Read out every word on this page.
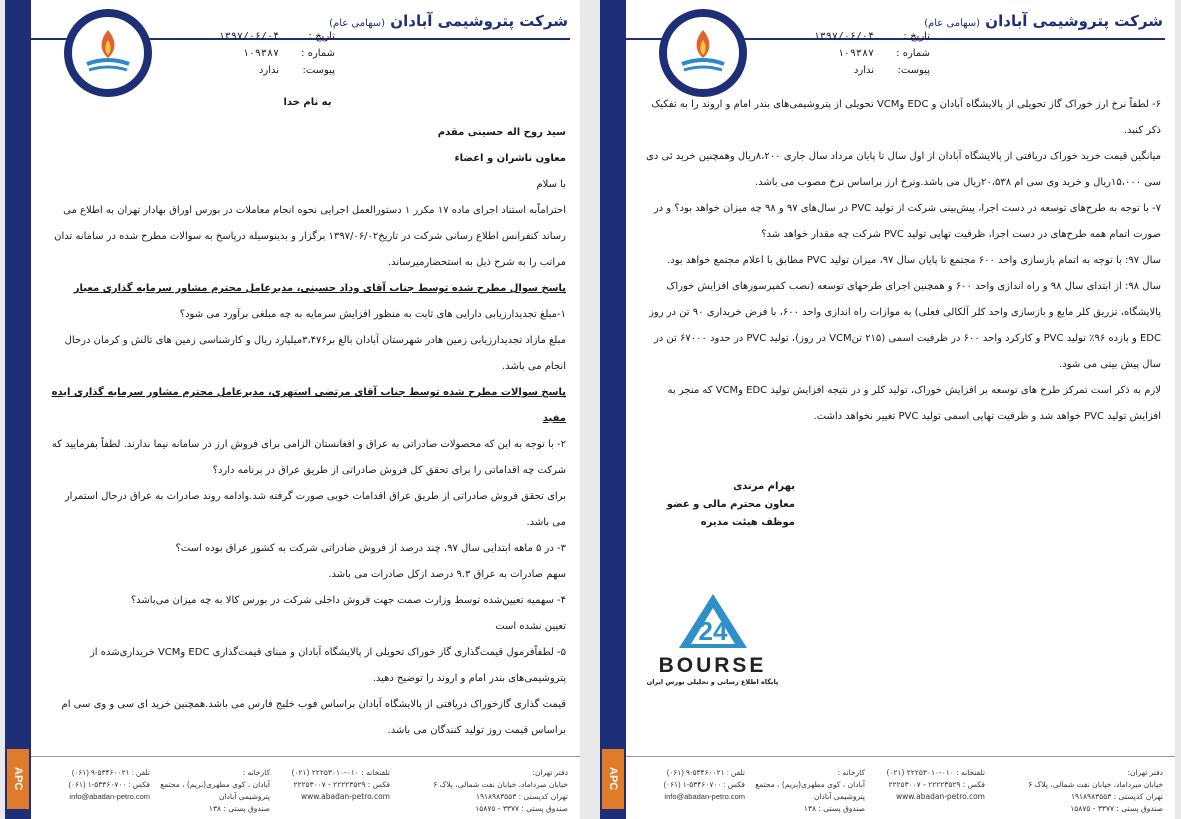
APC
شرکت پتروشیمی آبادان (سهامی عام)
تاریخ :
۱۳۹۷/۰۶/۰۴
شماره :
۱۰۹۳۸۷
پیوست:
ندارد

به نام خدا

سید روح اله حسینی مقدم

معاون ناشران و اعضاء

با سلام

احتراماًبه استناد اجرای ماده ۱۷ مکرر ۱ دستورالعمل اجرایی نحوه انجام معاملات در بورس اوراق بهادار تهران به اطلاع می رساند کنفرانس اطلاع رسانی شرکت در تاریخ۱۳۹۷/۰۶/۰۲ برگزار و بدینوسیله درپاسخ به سوالات مطرح شده در سامانه تدان مراتب را به شرح ذیل به استحضارمیرساند.

پاسخ سوال مطرح شده توسط جناب آقای وداد حسینی، مدیرعامل محترم مشاور سرمایه گذاری معیار

۱-مبلغ تجدیدارزیابی دارایی های ثابت به منظور افزایش سرمایه به چه مبلغی برآورد می شود؟

مبلغ مازاد تجدیدارزیابی زمین هادر شهرستان آبادان بالغ بر۳،۴۷۶میلیارد ریال و کارشناسی زمین های تالش و کرمان درحال انجام می باشد.

پاسخ سوالات مطرح شده توسط جناب آقای مرتضی استهری، مدیرعامل محترم مشاور سرمایه گذاری ایده مفید

۲- با توجه به این که محصولات صادراتی به عراق و افغانستان الزامی برای فروش ارز در سامانه نیما ندارند. لطفاً بفرمایید که شرکت چه اقداماتی را برای تحقق کل فروش صادراتی از طریق عراق در برنامه دارد؟

برای تحقق فروش صادراتی از طریق عراق اقدامات خوبی صورت گرفته شد.وادامه روند صادرات به عراق درحال استمرار می باشد.

۳- در ۵ ماهه ابتدایی سال ۹۷، چند درصد از فروش صادراتی شرکت به کشور عراق بوده است؟

سهم صادرات به عراق ۹.۳ درصد ازکل صادرات می باشد.

۴- سهمیه تعیین‌شده توسط وزارت صمت جهت فروش داخلی شرکت در بورس کالا به چه میزان می‌باشد؟

تعیین نشده است

۵- لطفاًفرمول قیمت‌گذاری گاز خوراک تحویلی از پالایشگاه آبادان و مبنای قیمت‌گذاری EDC وVCM خریداری‌شده از پتروشیمی‌های بندر امام و اروند را توضیح دهید.

قیمت گذاری گازخوراک دریافتی از پالایشگاه آبادان براساس فوب خلیج فارس می باشد.همچنین خرید ای سی و وی سی ام براساس قیمت روز تولید کنندگان می باشد.

دفتر تهران:
خیابان میرداماد، خیابان نفت شمالی، پلاک ۶
تهران کدپستی : ۱۹۱۸۹۸۳۵۵۳
صندوق پستی : ۳۳۷۷ - ۱۵۸۷۵
تلفنخانه : ۰۱۰-۲۲۲۵۳۰۱۰ (۰۲۱)
فکس : ۲۲۲۲۳۵۲۹ - ۲۲۲۵۳۰۰۷
www.abadan-petro.com
کارخانه :
آبادان ، کوی مطهری(بریم) ، مجتمع پتروشیمی آبادان
صندوق پستی : ۱۳۸
تلفن : ۵۳۴۶۰۰۲۱-۹ (۰۶۱)
فکس : ۵۳۴۶۰۷۰۰-۱ (۰۶۱)
info@abadan-petro.com
APC
شرکت پتروشیمی آبادان (سهامی عام)
تاریخ :
۱۳۹۷/۰۶/۰۴
شماره :
۱۰۹۳۸۷
پیوست:
ندارد

۶- لطفاً نرخ ارز خوراک گاز تحویلی از پالایشگاه آبادان و EDC وVCM تحویلی از پتروشیمی‌های بندر امام و اروند را به تفکیک ذکر کنید.

میانگین قیمت خرید خوراک دریافتی از پالایشگاه آبادان از اول سال تا پایان مرداد سال جاری ۸،۲۰۰ریال وهمچنین خرید ئی دی سی ۱۵،۰۰۰ریال و خرید وی سی ام ۲۰،۵۳۸ریال می باشد.ونرخ ارز براساس نرخ مصوب می باشد.

۷- با توجه به طرح‌های توسعه در دست اجرا، پیش‌بینی شرکت از تولید PVC در سال‌های ۹۷ و ۹۸ چه میزان خواهد بود؟ و در صورت اتمام همه طرح‌های در دست اجرا، ظرفیت تهایی تولید PVC شرکت چه مقدار خواهد شد؟

سال ۹۷: با توجه به اتمام بازسازی واحد ۶۰۰ مجتمع تا پایان سال ۹۷، میزان تولید PVC مطابق با اعلام مجتمع خواهد بود.

سال ۹۸: از ابتدای سال ۹۸ و راه اندازی واحد ۶۰۰ و همچنین اجرای طرحهای توسعه (نصب کمپرسورهای افزایش خوراک پالایشگاه، تزریق کلر مایع و بازسازی واحد کلر آلکالی فعلی) به موازات راه اندازی واحد ۶۰۰، با فرض خریداری ۹۰ تن در روز EDC و بازده ۹۶٪ تولید PVC و کارکرد واحد ۶۰۰ در ظرفیت اسمی (۲۱۵ تنVCM در روز)، تولید PVC در حدود ۶۷۰۰۰ تن در سال پیش بینی می شود.

لازم به ذکر است تمرکز طرح های توسعه بر افزایش خوراک، تولید کلر و در نتیجه افزایش تولید EDC وVCM که منجر به افزایش تولید PVC خواهد شد و ظرفیت تهایی اسمی تولید PVC تغییر نخواهد داشت.

بهرام مرندی
معاون محترم مالی و عضو
موظف هیئت مدیره
24
BOURSE
پایگاه اطلاع رسانی و تحلیلی بورس ایران
دفتر تهران:
خیابان میرداماد، خیابان نفت شمالی، پلاک ۶
تهران کدپستی : ۱۹۱۸۹۸۳۵۵۳
صندوق پستی : ۳۳۷۷ - ۱۵۸۷۵
تلفنخانه : ۰۱۰-۲۲۲۵۳۰۱۰ (۰۲۱)
فکس : ۲۲۲۲۳۵۲۹ - ۲۲۲۵۳۰۰۷
www.abadan-petro.com
کارخانه :
آبادان ، کوی مطهری(بریم) ، مجتمع پتروشیمی آبادان
صندوق پستی : ۱۳۸
تلفن : ۵۳۴۶۰۰۲۱-۹ (۰۶۱)
فکس : ۵۳۴۶۰۷۰۰-۱ (۰۶۱)
info@abadan-petro.com
